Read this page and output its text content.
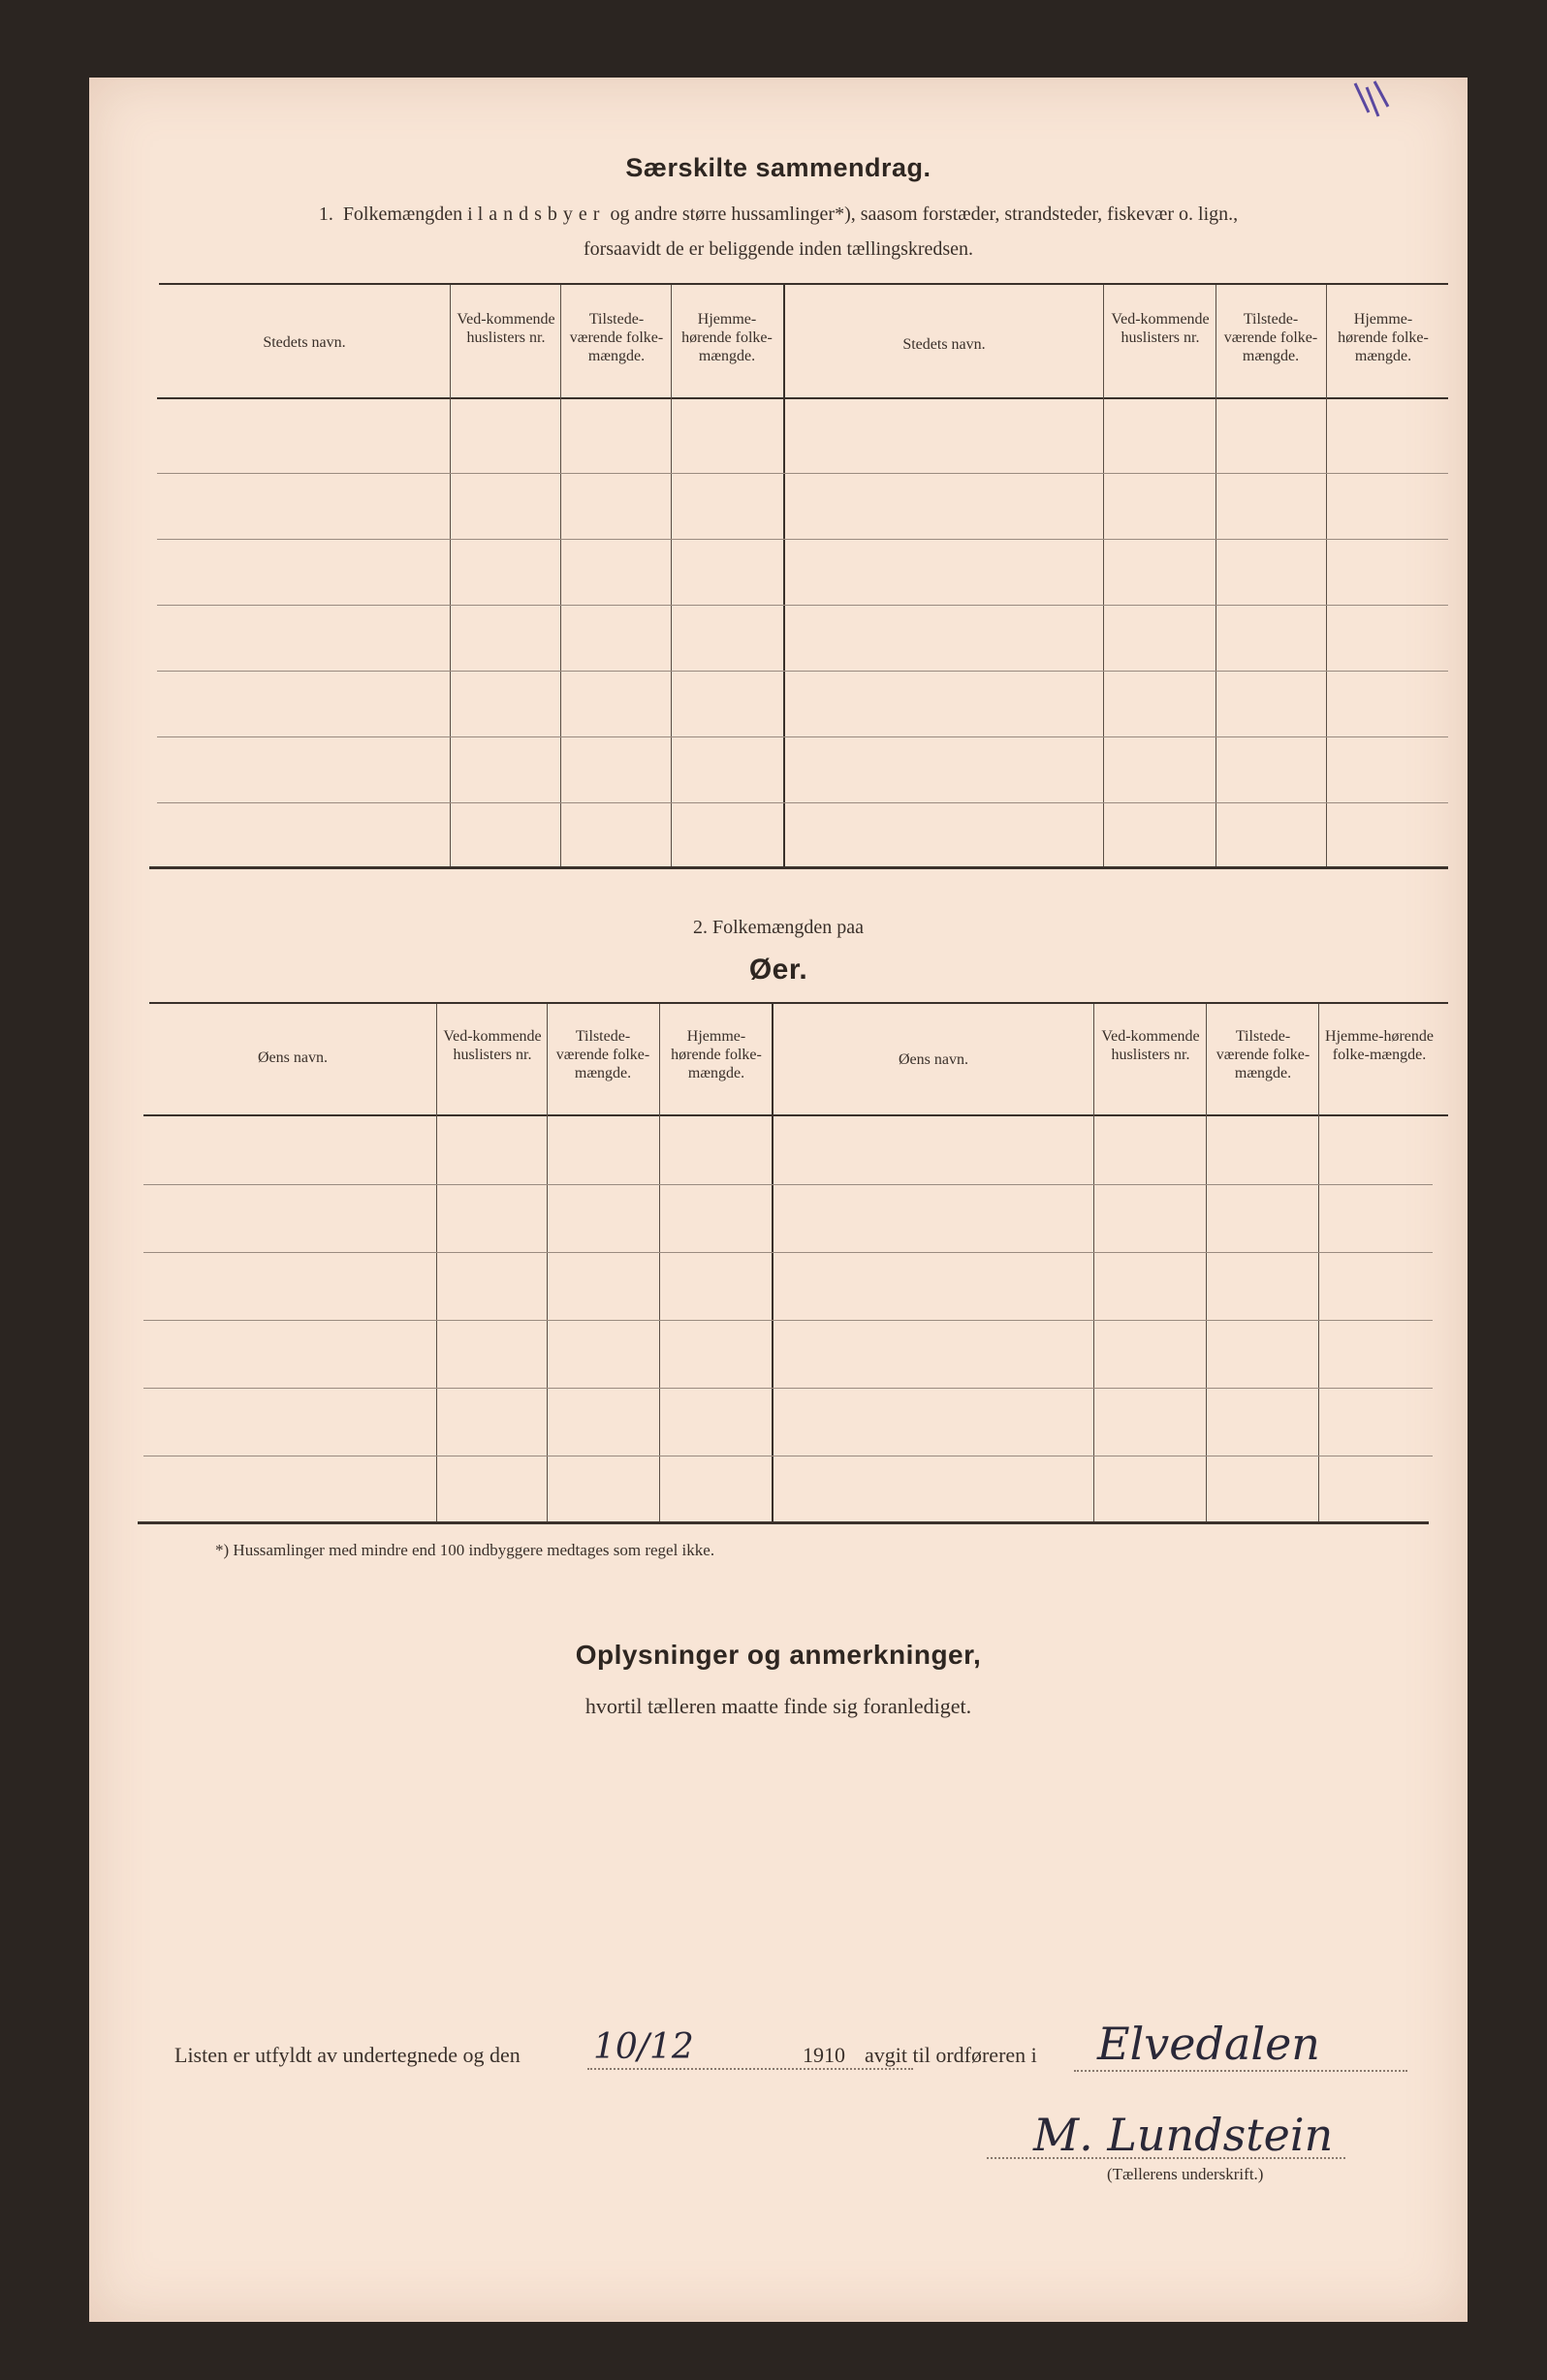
Særskilte sammendrag.
1. Folkemængden i landsbyer og andre større hussamlinger*), saasom forstæder, strandsteder, fiskevær o. lign.,
forsaavidt de er beliggende inden tællingskredsen.
Stedets navn.
Ved-kommende huslisters nr.
Tilstede-værende folke-mængde.
Hjemme-hørende folke-mængde.
Stedets navn.
Ved-kommende huslisters nr.
Tilstede-værende folke-mængde.
Hjemme-hørende folke-mængde.
2. Folkemængden paa
Øer.
Øens navn.
Ved-kommende huslisters nr.
Tilstede-værende folke-mængde.
Hjemme-hørende folke-mængde.
Øens navn.
Ved-kommende huslisters nr.
Tilstede-værende folke-mængde.
Hjemme-hørende folke-mængde.
*) Hussamlinger med mindre end 100 indbyggere medtages som regel ikke.
Oplysninger og anmerkninger,
hvortil tælleren maatte finde sig foranlediget.
Listen er utfyldt av undertegnede og den 10/12	1910 avgit til ordføreren i Elvedalen
M. Lundstein
(Tællerens underskrift.)
